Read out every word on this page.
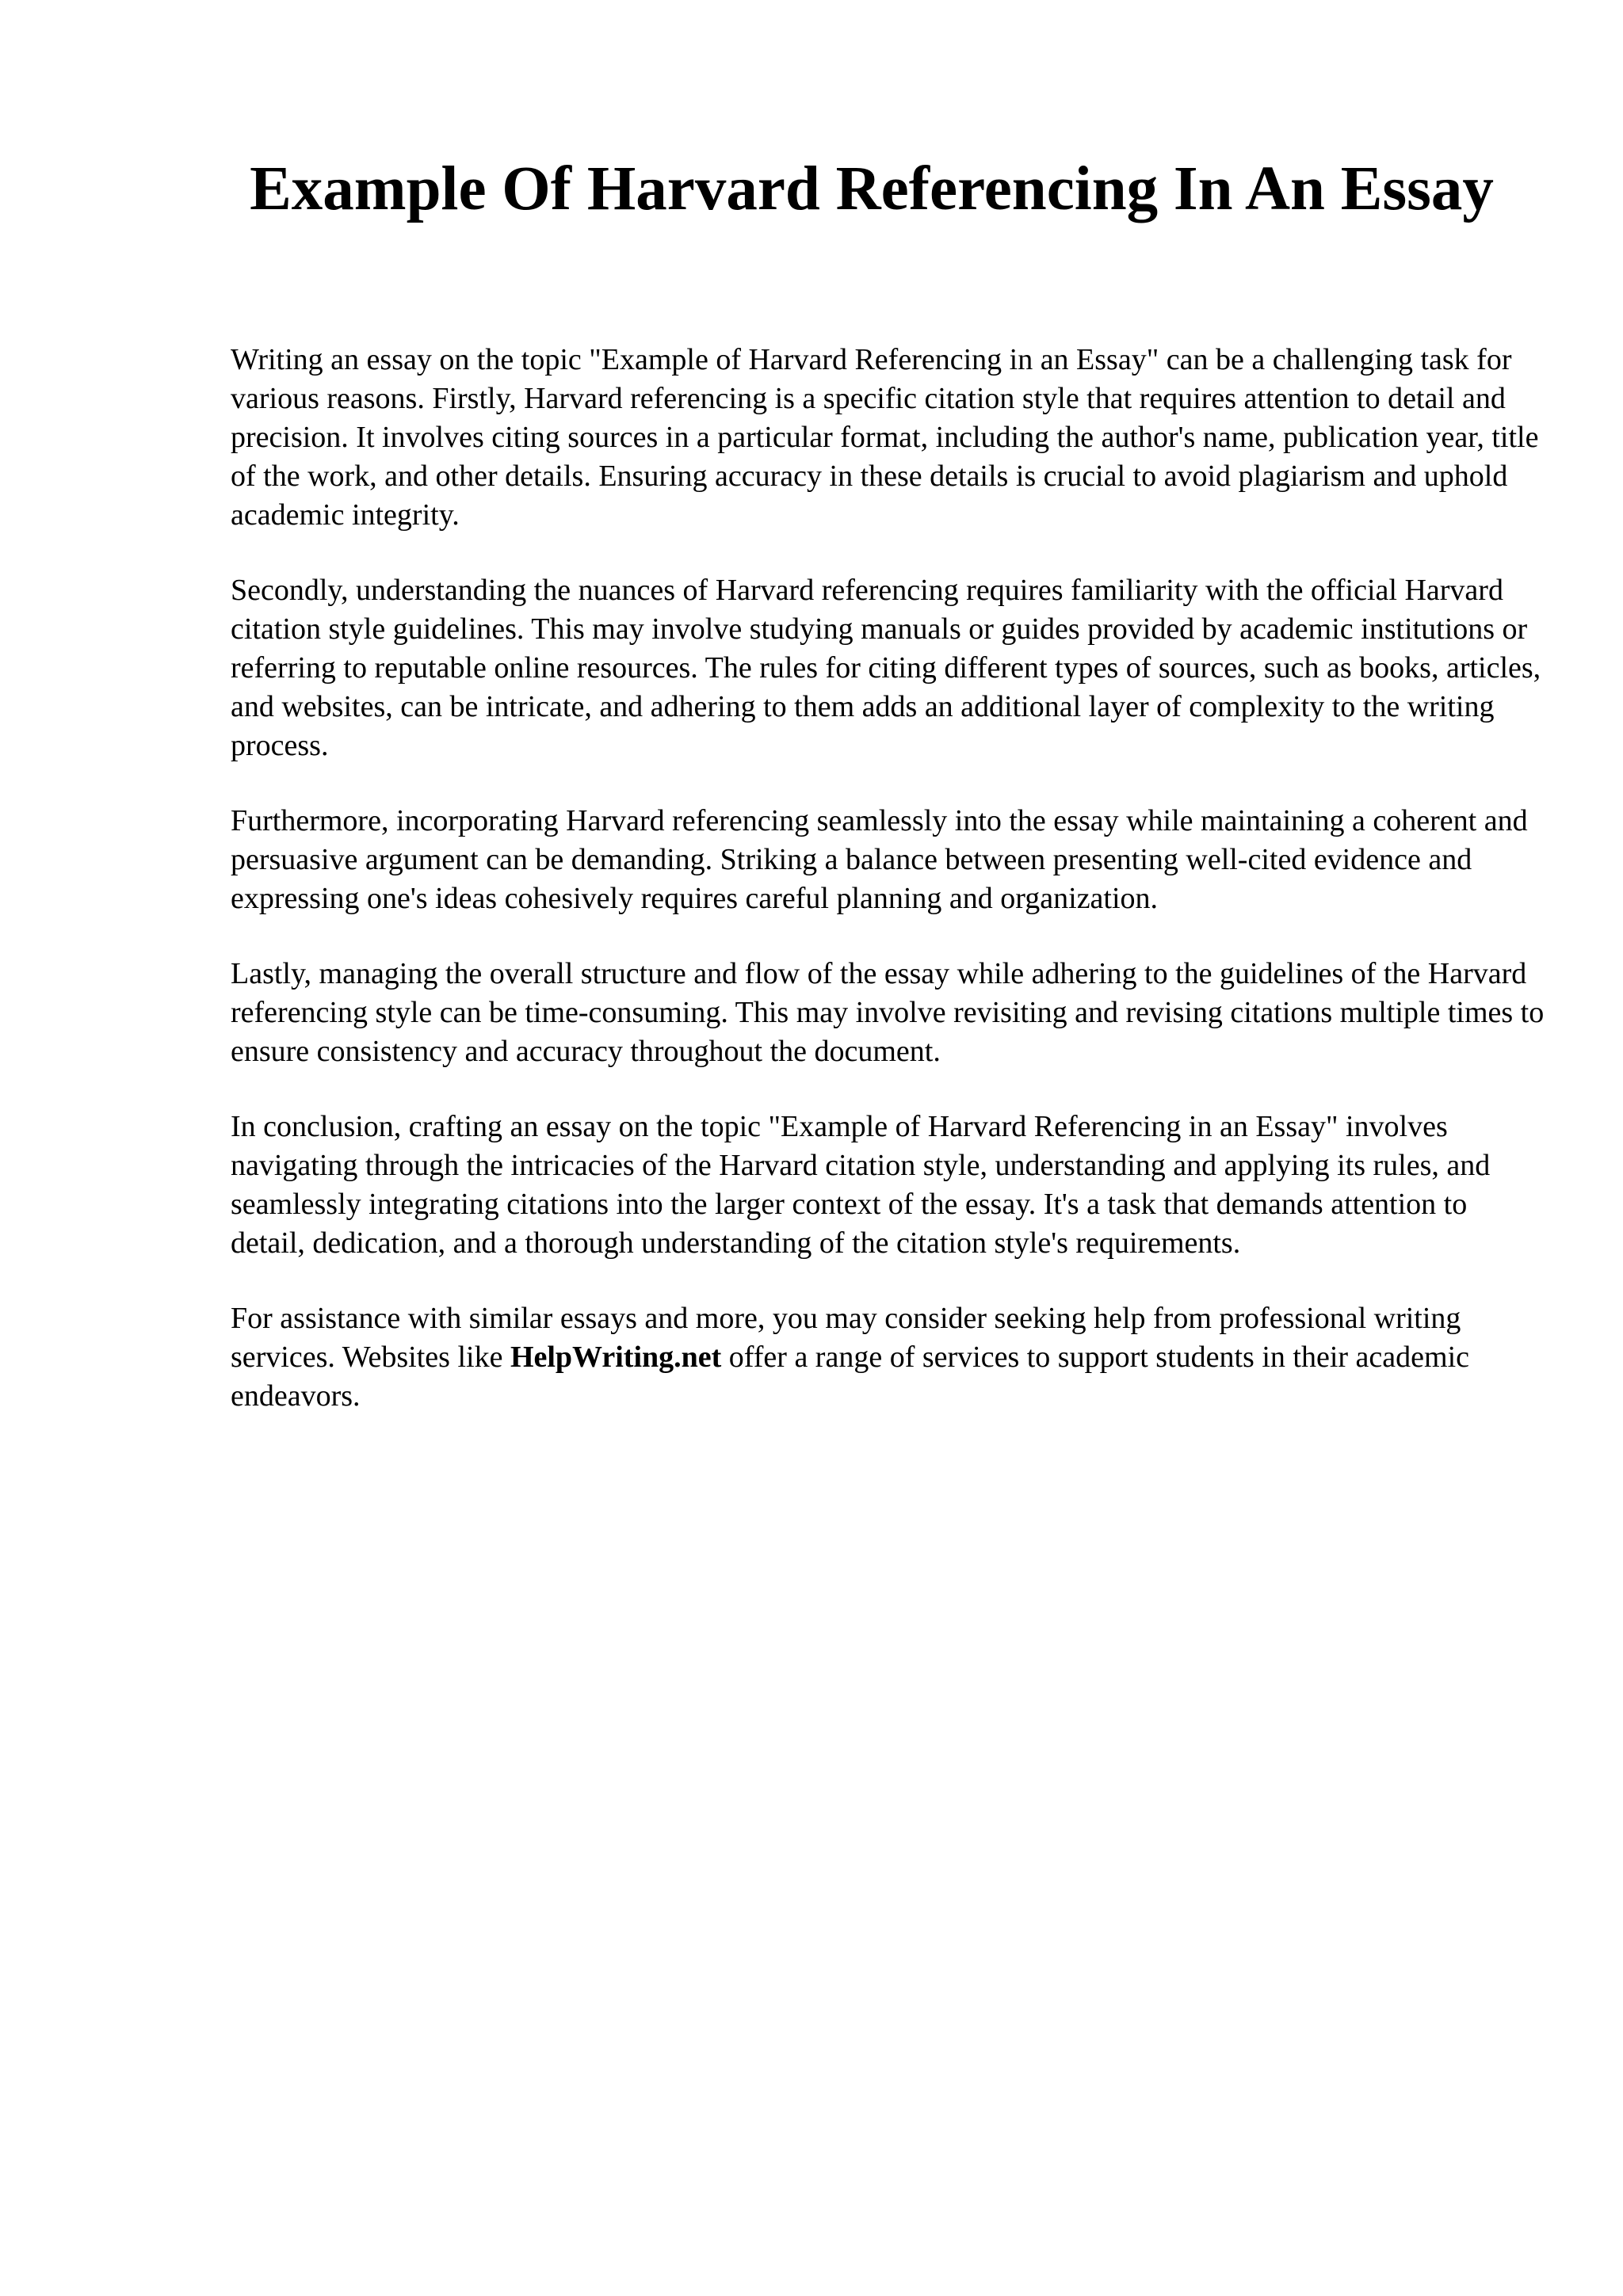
Example Of Harvard Referencing In An Essay

Writing an essay on the topic "Example of Harvard Referencing in an Essay" can be a challenging task for various reasons. Firstly, Harvard referencing is a specific citation style that requires attention to detail and precision. It involves citing sources in a particular format, including the author's name, publication year, title of the work, and other details. Ensuring accuracy in these details is crucial to avoid plagiarism and uphold academic integrity.

Secondly, understanding the nuances of Harvard referencing requires familiarity with the official Harvard citation style guidelines. This may involve studying manuals or guides provided by academic institutions or referring to reputable online resources. The rules for citing different types of sources, such as books, articles, and websites, can be intricate, and adhering to them adds an additional layer of complexity to the writing process.

Furthermore, incorporating Harvard referencing seamlessly into the essay while maintaining a coherent and persuasive argument can be demanding. Striking a balance between presenting well-cited evidence and expressing one's ideas cohesively requires careful planning and organization.

Lastly, managing the overall structure and flow of the essay while adhering to the guidelines of the Harvard referencing style can be time-consuming. This may involve revisiting and revising citations multiple times to ensure consistency and accuracy throughout the document.

In conclusion, crafting an essay on the topic "Example of Harvard Referencing in an Essay" involves navigating through the intricacies of the Harvard citation style, understanding and applying its rules, and seamlessly integrating citations into the larger context of the essay. It's a task that demands attention to detail, dedication, and a thorough understanding of the citation style's requirements.

For assistance with similar essays and more, you may consider seeking help from professional writing services. Websites like HelpWriting.net offer a range of services to support students in their academic endeavors.
